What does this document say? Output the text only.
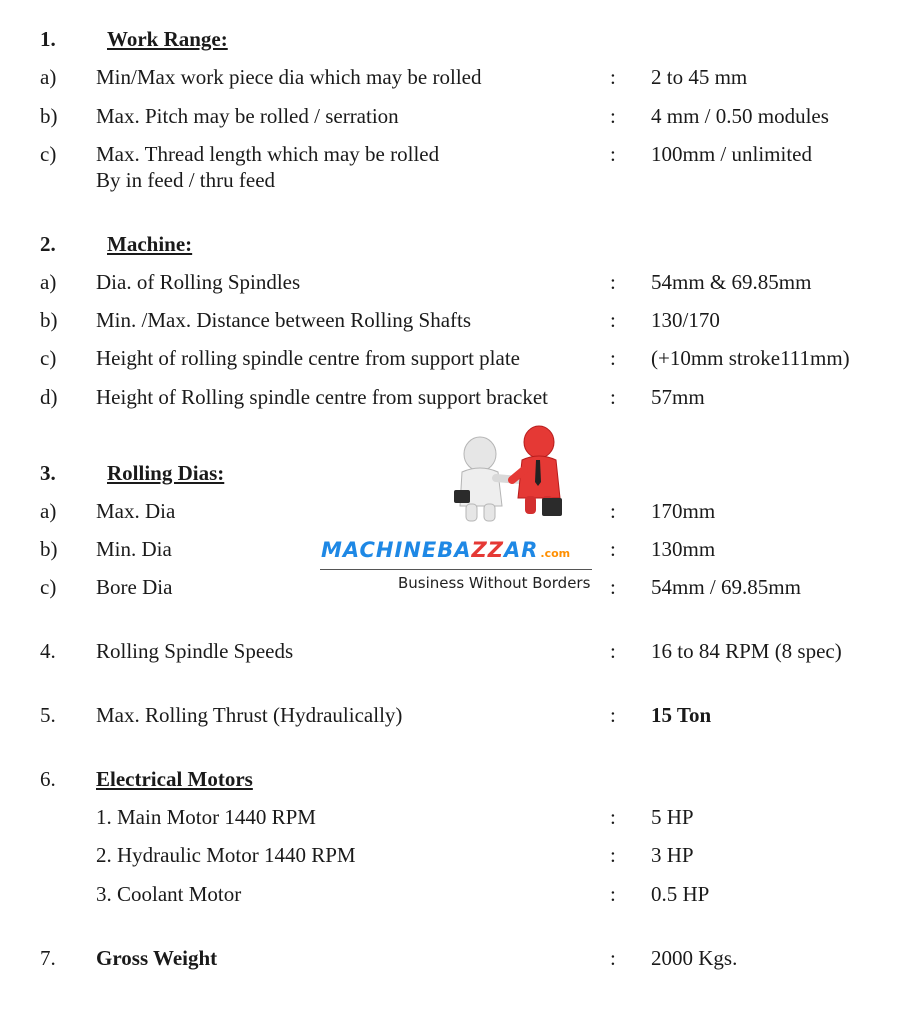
1. Work Range:
a) Min/Max work piece dia which may be rolled	: 2 to 45 mm
b) Max. Pitch may be rolled / serration	: 4 mm / 0.50 modules
c) Max. Thread length which may be rolled
By in feed / thru feed
: 100mm / unlimited
2. Machine:
a) Dia. of Rolling Spindles	: 54mm & 69.85mm
b) Min. /Max. Distance between Rolling Shafts	: 130/170
c) Height of rolling spindle centre from support plate	: (+10mm stroke111mm)
d) Height of Rolling spindle centre from support bracket	: 57mm
MACHINEBAZZAR .com
Business Without Borders
3. Rolling Dias:
a) Max. Dia	: 170mm
b) Min. Dia	: 130mm
c) Bore Dia	: 54mm / 69.85mm
4. Rolling Spindle Speeds	: 16 to 84 RPM (8 spec)
5. Max. Rolling Thrust (Hydraulically)	: 15 Ton
6. Electrical Motors
1. Main Motor 1440 RPM	: 5 HP
2. Hydraulic Motor 1440 RPM	: 3 HP
3. Coolant Motor	: 0.5 HP
7. Gross Weight	: 2000 Kgs.
